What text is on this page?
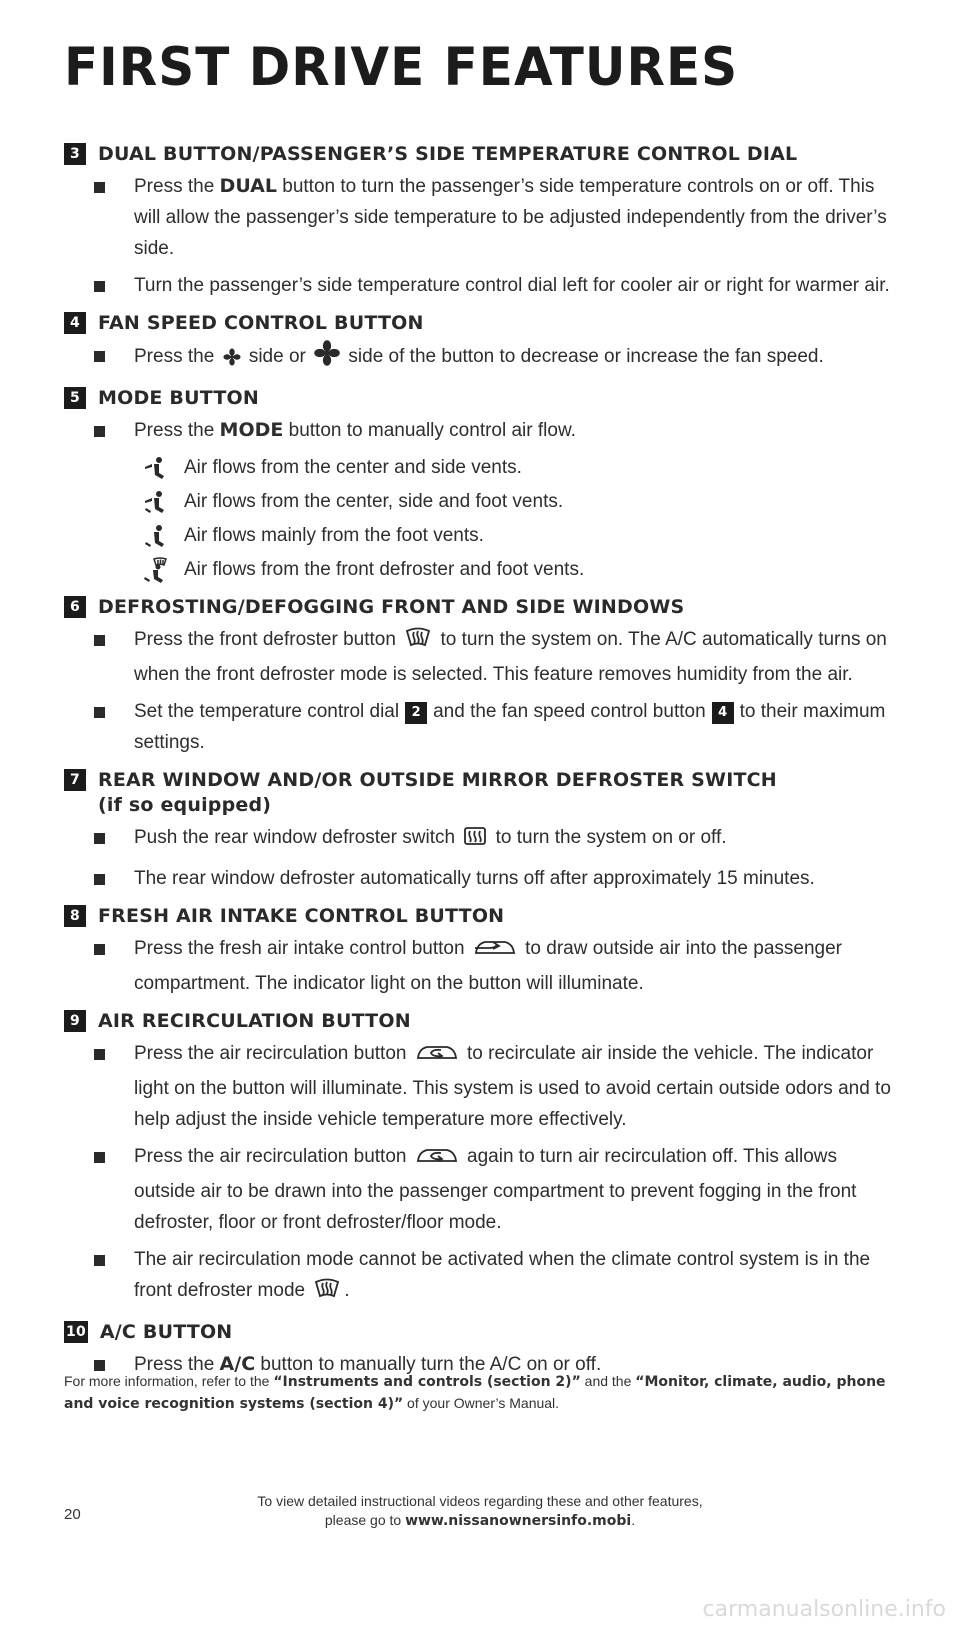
FIRST DRIVE FEATURES
3 DUAL BUTTON/PASSENGER’S SIDE TEMPERATURE CONTROL DIAL
Press the DUAL button to turn the passenger’s side temperature controls on or off. This will allow the passenger’s side temperature to be adjusted independently from the driver’s side.
Turn the passenger’s side temperature control dial left for cooler air or right for warmer air.
4 FAN SPEED CONTROL BUTTON
Press the side or side of the button to decrease or increase the fan speed.
5 MODE BUTTON
Press the MODE button to manually control air flow.
Air flows from the center and side vents.
Air flows from the center, side and foot vents.
Air flows mainly from the foot vents.
Air flows from the front defroster and foot vents.
6 DEFROSTING/DEFOGGING FRONT AND SIDE WINDOWS
Press the front defroster button to turn the system on. The A/C automatically turns on when the front defroster mode is selected. This feature removes humidity from the air.
Set the temperature control dial 2 and the fan speed control button 4 to their maximum settings.
7 REAR WINDOW AND/OR OUTSIDE MIRROR DEFROSTER SWITCH
(if so equipped)
Push the rear window defroster switch to turn the system on or off.
The rear window defroster automatically turns off after approximately 15 minutes.
8 FRESH AIR INTAKE CONTROL BUTTON
Press the fresh air intake control button	to draw outside air into the passenger compartment. The indicator light on the button will illuminate.
9 AIR RECIRCULATION BUTTON
Press the air recirculation button	to recirculate air inside the vehicle. The indicator light on the button will illuminate. This system is used to avoid certain outside odors and to help adjust the inside vehicle temperature more effectively.
Press the air recirculation button	again to turn air recirculation off. This allows outside air to be drawn into the passenger compartment to prevent fogging in the front defroster, floor or front defroster/floor mode.
The air recirculation mode cannot be activated when the climate control system is in the front defroster mode .
10 A/C BUTTON
Press the A/C button to manually turn the A/C on or off.
For more information, refer to the “Instruments and controls (section 2)” and the “Monitor, climate, audio, phone and voice recognition systems (section 4)” of your Owner’s Manual.
20
To view detailed instructional videos regarding these and other features,
please go to www.nissanownersinfo.mobi.
carmanualsonline.info
